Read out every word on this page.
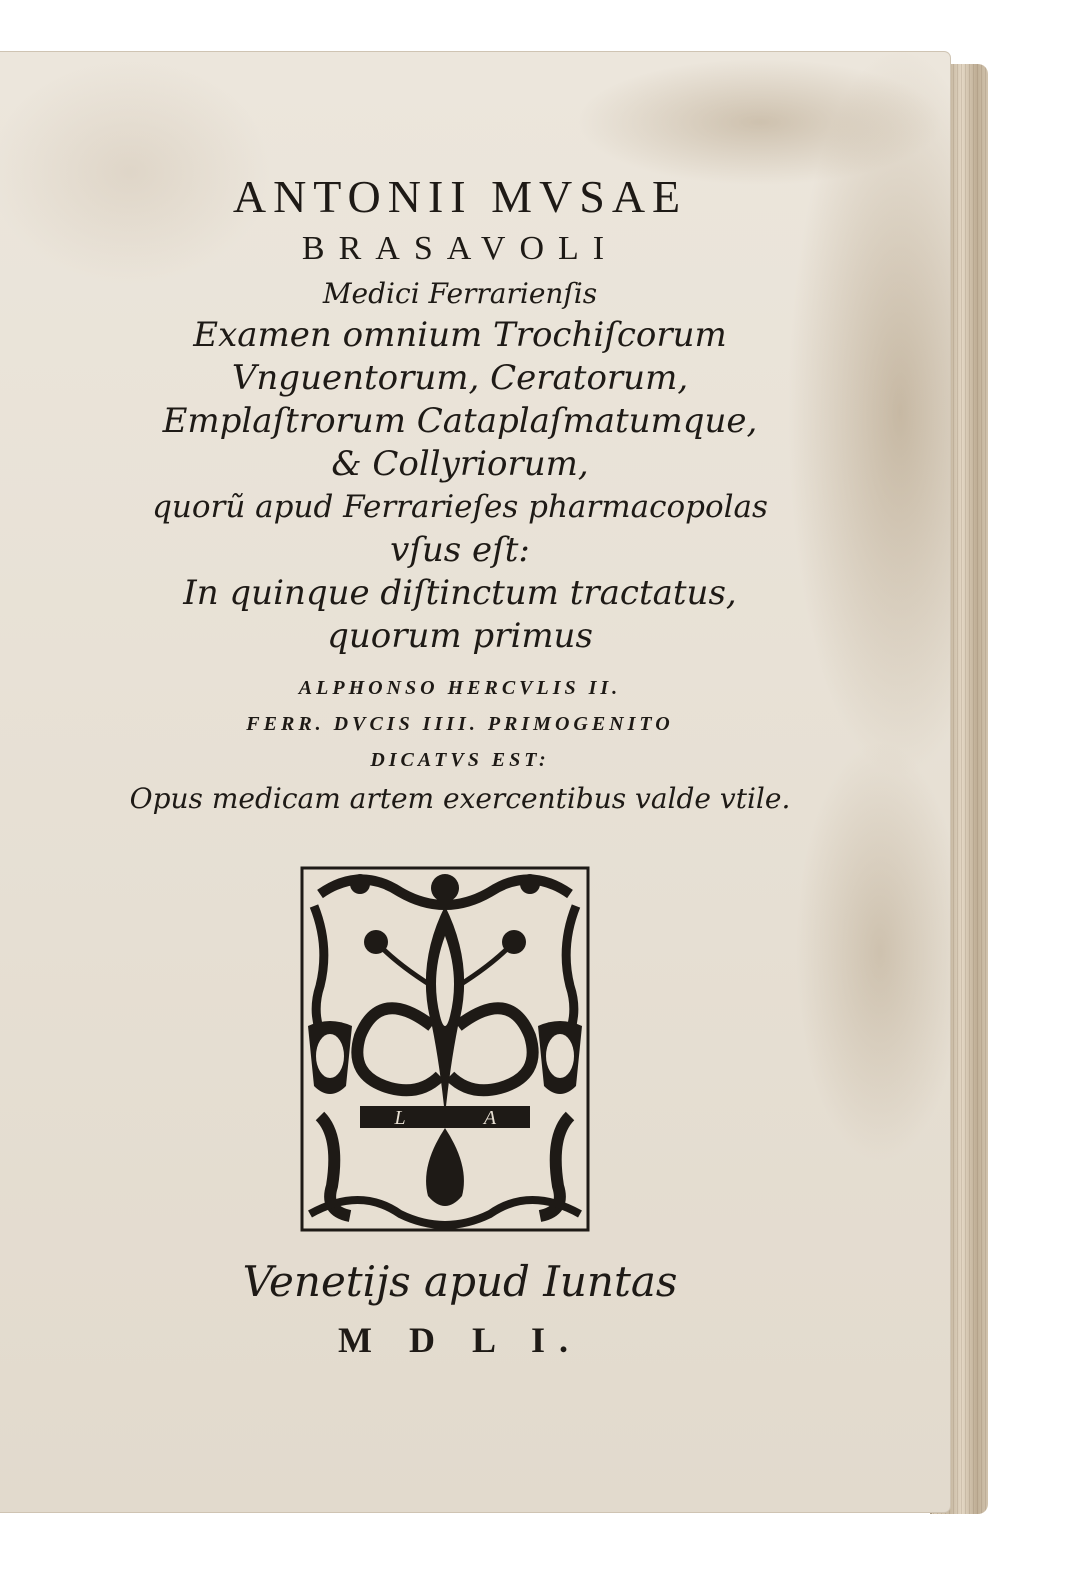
ANTONII MVSAE
BRASAVOLI
Medici Ferrarienſis
Examen omnium Trochiſcorum
Vnguentorum, Ceratorum,
Emplaſtrorum Cataplaſmatumque,
& Collyriorum,
quorũ apud Ferrarieſes pharmacopolas
vſus eſt:
In quinque diſtinctum tractatus,
quorum primus
ALPHONSO HERCVLIS II.
FERR. DVCIS IIII. PRIMOGENITO
DICATVS EST:
Opus medicam artem exercentibus valde vtile.
L	A
Venetijs apud Iuntas
M D L I.
